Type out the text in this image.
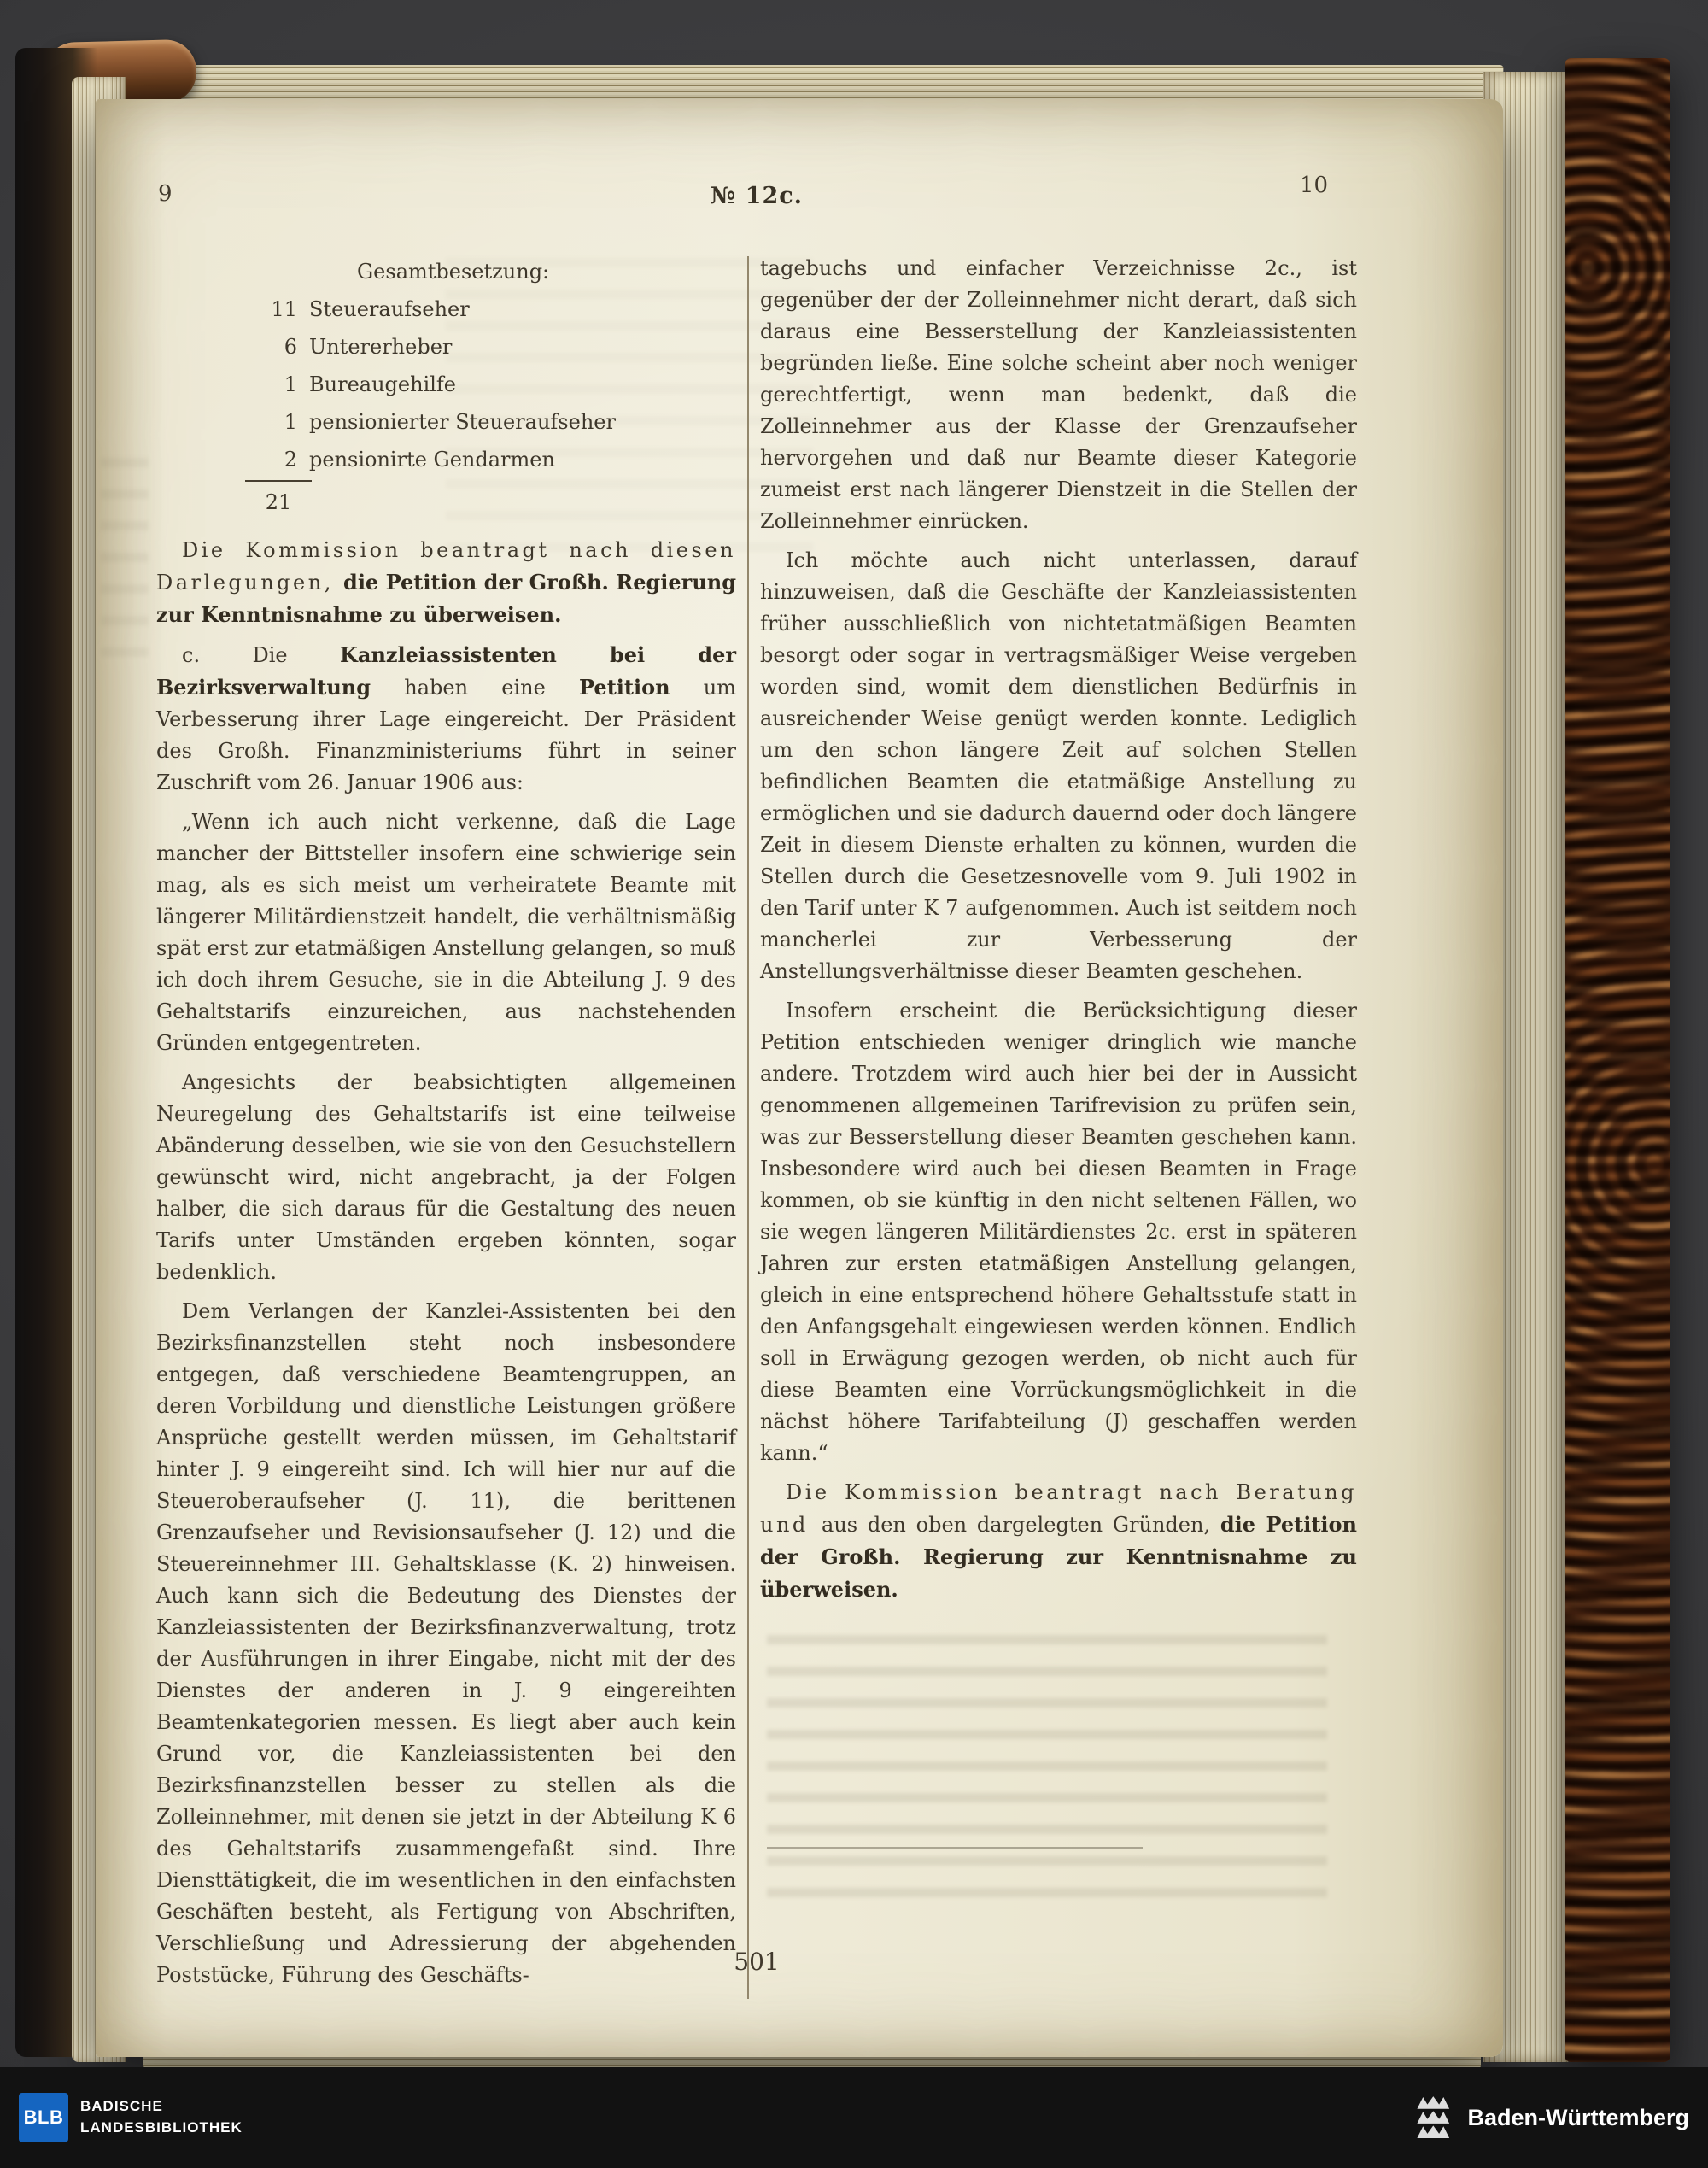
9	№ 12c.	10
Gesamtbesetzung:
11 Steueraufseher
6 Untererheber
1 Bureaugehilfe
1 pensionierter Steueraufseher
2 pensionirte Gendarmen
21

Die Kommission beantragt nach diesen Darlegungen, die Petition der Großh. Regierung zur Kenntnisnahme zu überweisen.

c. Die Kanzleiassistenten bei der Bezirksverwaltung haben eine Petition um Verbesserung ihrer Lage eingereicht. Der Präsident des Großh. Finanzministeriums führt in seiner Zuschrift vom 26. Januar 1906 aus:

„Wenn ich auch nicht verkenne, daß die Lage mancher der Bittsteller insofern eine schwierige sein mag, als es sich meist um verheiratete Beamte mit längerer Militärdienstzeit handelt, die verhältnismäßig spät erst zur etatmäßigen Anstellung gelangen, so muß ich doch ihrem Gesuche, sie in die Abteilung J. 9 des Gehaltstarifs einzureichen, aus nachstehenden Gründen entgegentreten.

Angesichts der beabsichtigten allgemeinen Neuregelung des Gehaltstarifs ist eine teilweise Abänderung desselben, wie sie von den Gesuchstellern gewünscht wird, nicht angebracht, ja der Folgen halber, die sich daraus für die Gestaltung des neuen Tarifs unter Umständen ergeben könnten, sogar bedenklich.

Dem Verlangen der Kanzlei-Assistenten bei den Bezirksfinanzstellen steht noch insbesondere entgegen, daß verschiedene Beamtengruppen, an deren Vorbildung und dienstliche Leistungen größere Ansprüche gestellt werden müssen, im Gehaltstarif hinter J. 9 eingereiht sind. Ich will hier nur auf die Steueroberaufseher (J. 11), die berittenen Grenzaufseher und Revisionsaufseher (J. 12) und die Steuereinnehmer III. Gehaltsklasse (K. 2) hinweisen. Auch kann sich die Bedeutung des Dienstes der Kanzleiassistenten der Bezirksfinanzverwaltung, trotz der Ausführungen in ihrer Eingabe, nicht mit der des Dienstes der anderen in J. 9 eingereihten Beamtenkategorien messen. Es liegt aber auch kein Grund vor, die Kanzleiassistenten bei den Bezirksfinanzstellen besser zu stellen als die Zolleinnehmer, mit denen sie jetzt in der Abteilung K 6 des Gehaltstarifs zusammengefaßt sind. Ihre Diensttätigkeit, die im wesentlichen in den einfachsten Geschäften besteht, als Fertigung von Abschriften, Verschließung und Adressierung der abgehenden Poststücke, Führung des Geschäfts-

tagebuchs und einfacher Verzeichnisse 2c., ist gegenüber der der Zolleinnehmer nicht derart, daß sich daraus eine Besserstellung der Kanzleiassistenten begründen ließe. Eine solche scheint aber noch weniger gerechtfertigt, wenn man bedenkt, daß die Zolleinnehmer aus der Klasse der Grenzaufseher hervorgehen und daß nur Beamte dieser Kategorie zumeist erst nach längerer Dienstzeit in die Stellen der Zolleinnehmer einrücken.

Ich möchte auch nicht unterlassen, darauf hinzuweisen, daß die Geschäfte der Kanzleiassistenten früher ausschließlich von nichtetatmäßigen Beamten besorgt oder sogar in vertragsmäßiger Weise vergeben worden sind, womit dem dienstlichen Bedürfnis in ausreichender Weise genügt werden konnte. Lediglich um den schon längere Zeit auf solchen Stellen befindlichen Beamten die etatmäßige Anstellung zu ermöglichen und sie dadurch dauernd oder doch längere Zeit in diesem Dienste erhalten zu können, wurden die Stellen durch die Gesetzesnovelle vom 9. Juli 1902 in den Tarif unter K 7 aufgenommen. Auch ist seitdem noch mancherlei zur Verbesserung der Anstellungsverhältnisse dieser Beamten geschehen.

Insofern erscheint die Berücksichtigung dieser Petition entschieden weniger dringlich wie manche andere. Trotzdem wird auch hier bei der in Aussicht genommenen allgemeinen Tarifrevision zu prüfen sein, was zur Besserstellung dieser Beamten geschehen kann. Insbesondere wird auch bei diesen Beamten in Frage kommen, ob sie künftig in den nicht seltenen Fällen, wo sie wegen längeren Militärdienstes 2c. erst in späteren Jahren zur ersten etatmäßigen Anstellung gelangen, gleich in eine entsprechend höhere Gehaltsstufe statt in den Anfangsgehalt eingewiesen werden können. Endlich soll in Erwägung gezogen werden, ob nicht auch für diese Beamten eine Vorrückungsmöglichkeit in die nächst höhere Tarifabteilung (J) geschaffen werden kann.“

Die Kommission beantragt nach Beratung und aus den oben dargelegten Gründen, die Petition der Großh. Regierung zur Kenntnisnahme zu überweisen.

501
BLB
BADISCHE
LANDESBIBLIOTHEK	Baden-Württemberg
